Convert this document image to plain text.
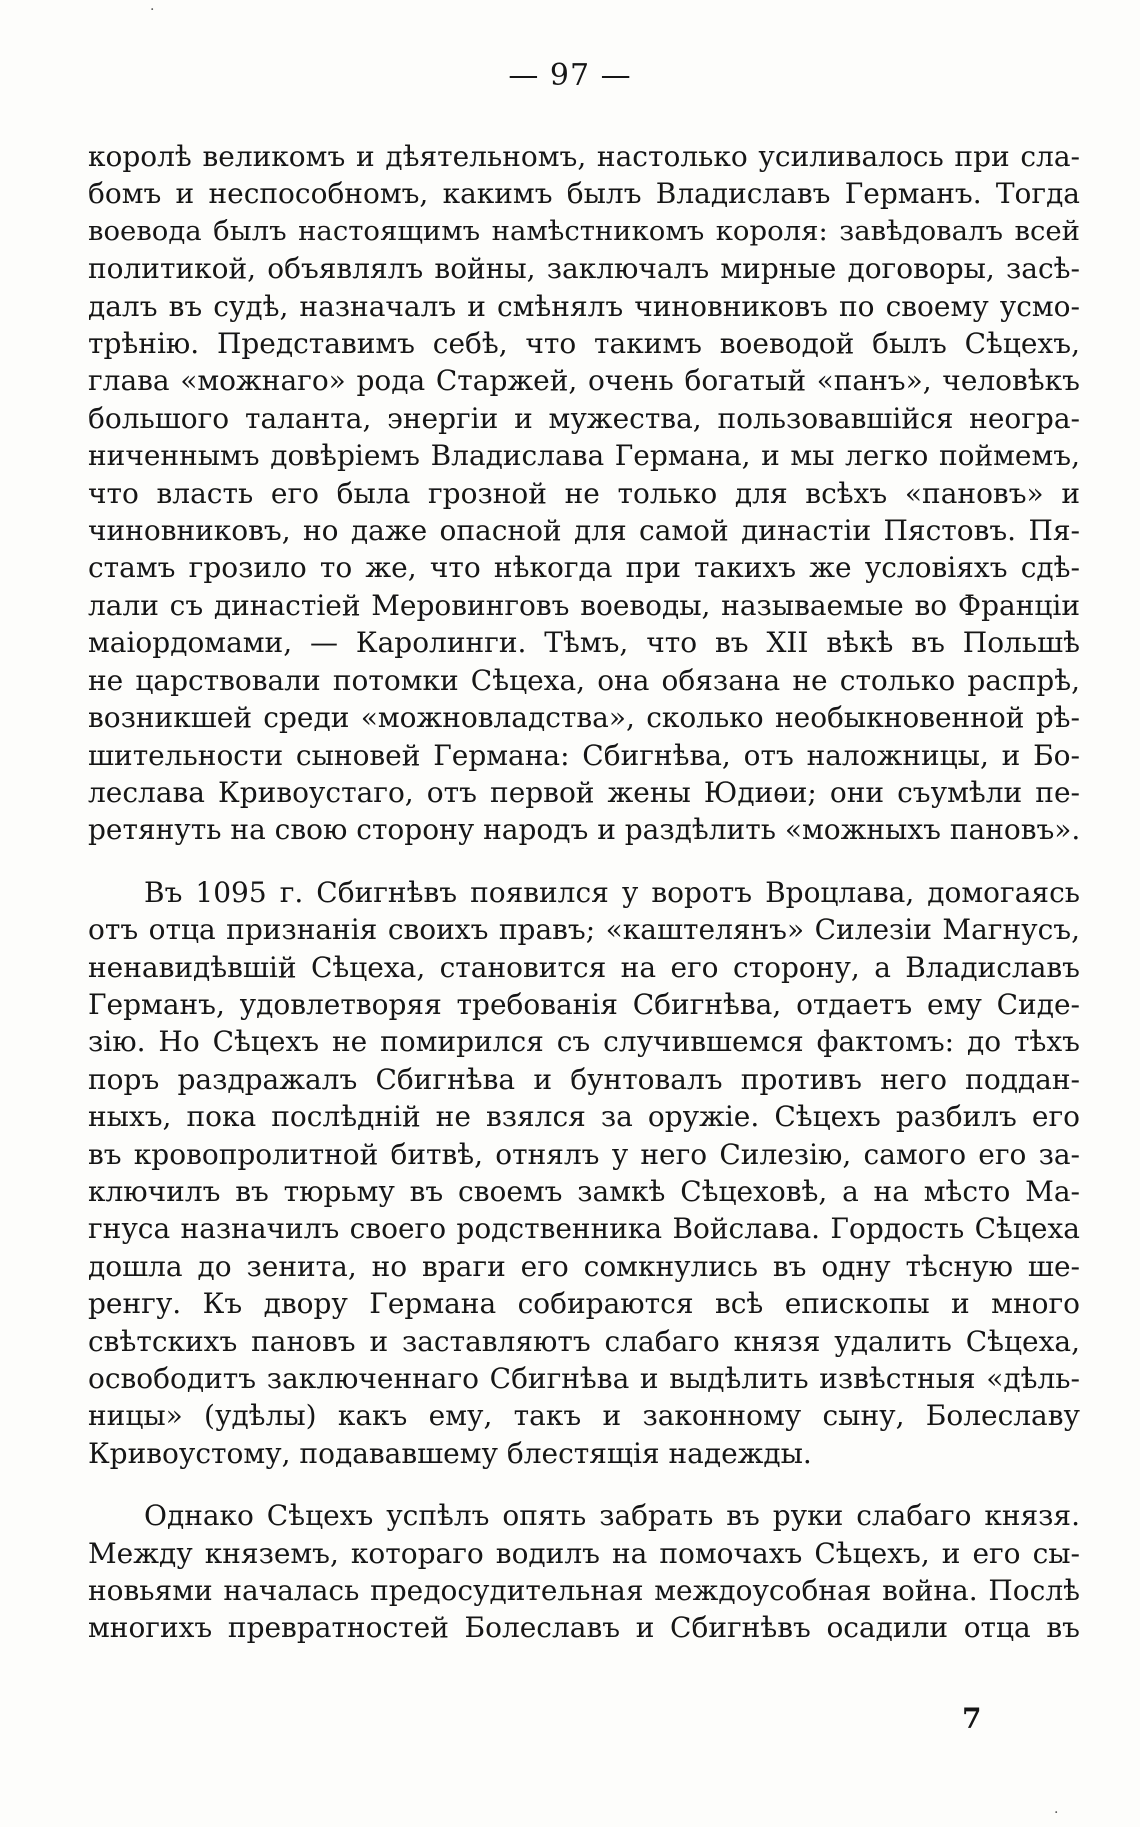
— 97 —
королѣ великомъ и дѣятельномъ, настолько усиливалось при сла-
бомъ и неспособномъ, какимъ былъ Владиславъ Германъ. Тогда
воевода былъ настоящимъ намѣстникомъ короля: завѣдовалъ всей
политикой, объявлялъ войны, заключалъ мирные договоры, засѣ-
далъ въ судѣ, назначалъ и смѣнялъ чиновниковъ по своему усмо-
трѣнію. Представимъ себѣ, что такимъ воеводой былъ Сѣцехъ,
глава «можнаго» рода Старжей, очень богатый «панъ», человѣкъ
большого таланта, энергіи и мужества, пользовавшійся неогра-
ниченнымъ довѣріемъ Владислава Германа, и мы легко поймемъ,
что власть его была грозной не только для всѣхъ «пановъ» и
чиновниковъ, но даже опасной для самой династіи Пястовъ. Пя-
стамъ грозило то же, что нѣкогда при такихъ же условіяхъ сдѣ-
лали съ династіей Меровинговъ воеводы, называемые во Франціи
маіордомами, — Каролинги. Тѣмъ, что въ XII вѣкѣ въ Польшѣ
не царствовали потомки Сѣцеха, она обязана не столько распрѣ,
возникшей среди «можновладства», сколько необыкновенной рѣ-
шительности сыновей Германа: Сбигнѣва, отъ наложницы, и Бо-
леслава Кривоустаго, отъ первой жены Юдиѳи; они съумѣли пе-
ретянуть на свою сторону народъ и раздѣлить «можныхъ пановъ».
Въ 1095 г. Сбигнѣвъ появился у воротъ Вроцлава, домогаясь
отъ отца признанія своихъ правъ; «каштелянъ» Силезіи Магнусъ,
ненавидѣвшій Сѣцеха, становится на его сторону, а Владиславъ
Германъ, удовлетворяя требованія Сбигнѣва, отдаетъ ему Сиде-
зію. Но Сѣцехъ не помирился съ случившемся фактомъ: до тѣхъ
поръ раздражалъ Сбигнѣва и бунтовалъ противъ него поддан-
ныхъ, пока послѣдній не взялся за оружіе. Сѣцехъ разбилъ его
въ кровопролитной битвѣ, отнялъ у него Силезію, самого его за-
ключилъ въ тюрьму въ своемъ замкѣ Сѣцеховѣ, а на мѣсто Ма-
гнуса назначилъ своего родственника Войслава. Гордость Сѣцеха
дошла до зенита, но враги его сомкнулись въ одну тѣсную ше-
ренгу. Къ двору Германа собираются всѣ епископы и много
свѣтскихъ пановъ и заставляютъ слабаго князя удалить Сѣцеха,
освободитъ заключеннаго Сбигнѣва и выдѣлить извѣстныя «дѣль-
ницы» (удѣлы) какъ ему, такъ и законному сыну, Болеславу
Кривоустому, подававшему блестящія надежды.
Однако Сѣцехъ успѣлъ опять забрать въ руки слабаго князя.
Между княземъ, котораго водилъ на помочахъ Сѣцехъ, и его сы-
новьями началась предосудительная междоусобная война. Послѣ
многихъ превратностей Болеславъ и Сбигнѣвъ осадили отца въ
7
·
·
